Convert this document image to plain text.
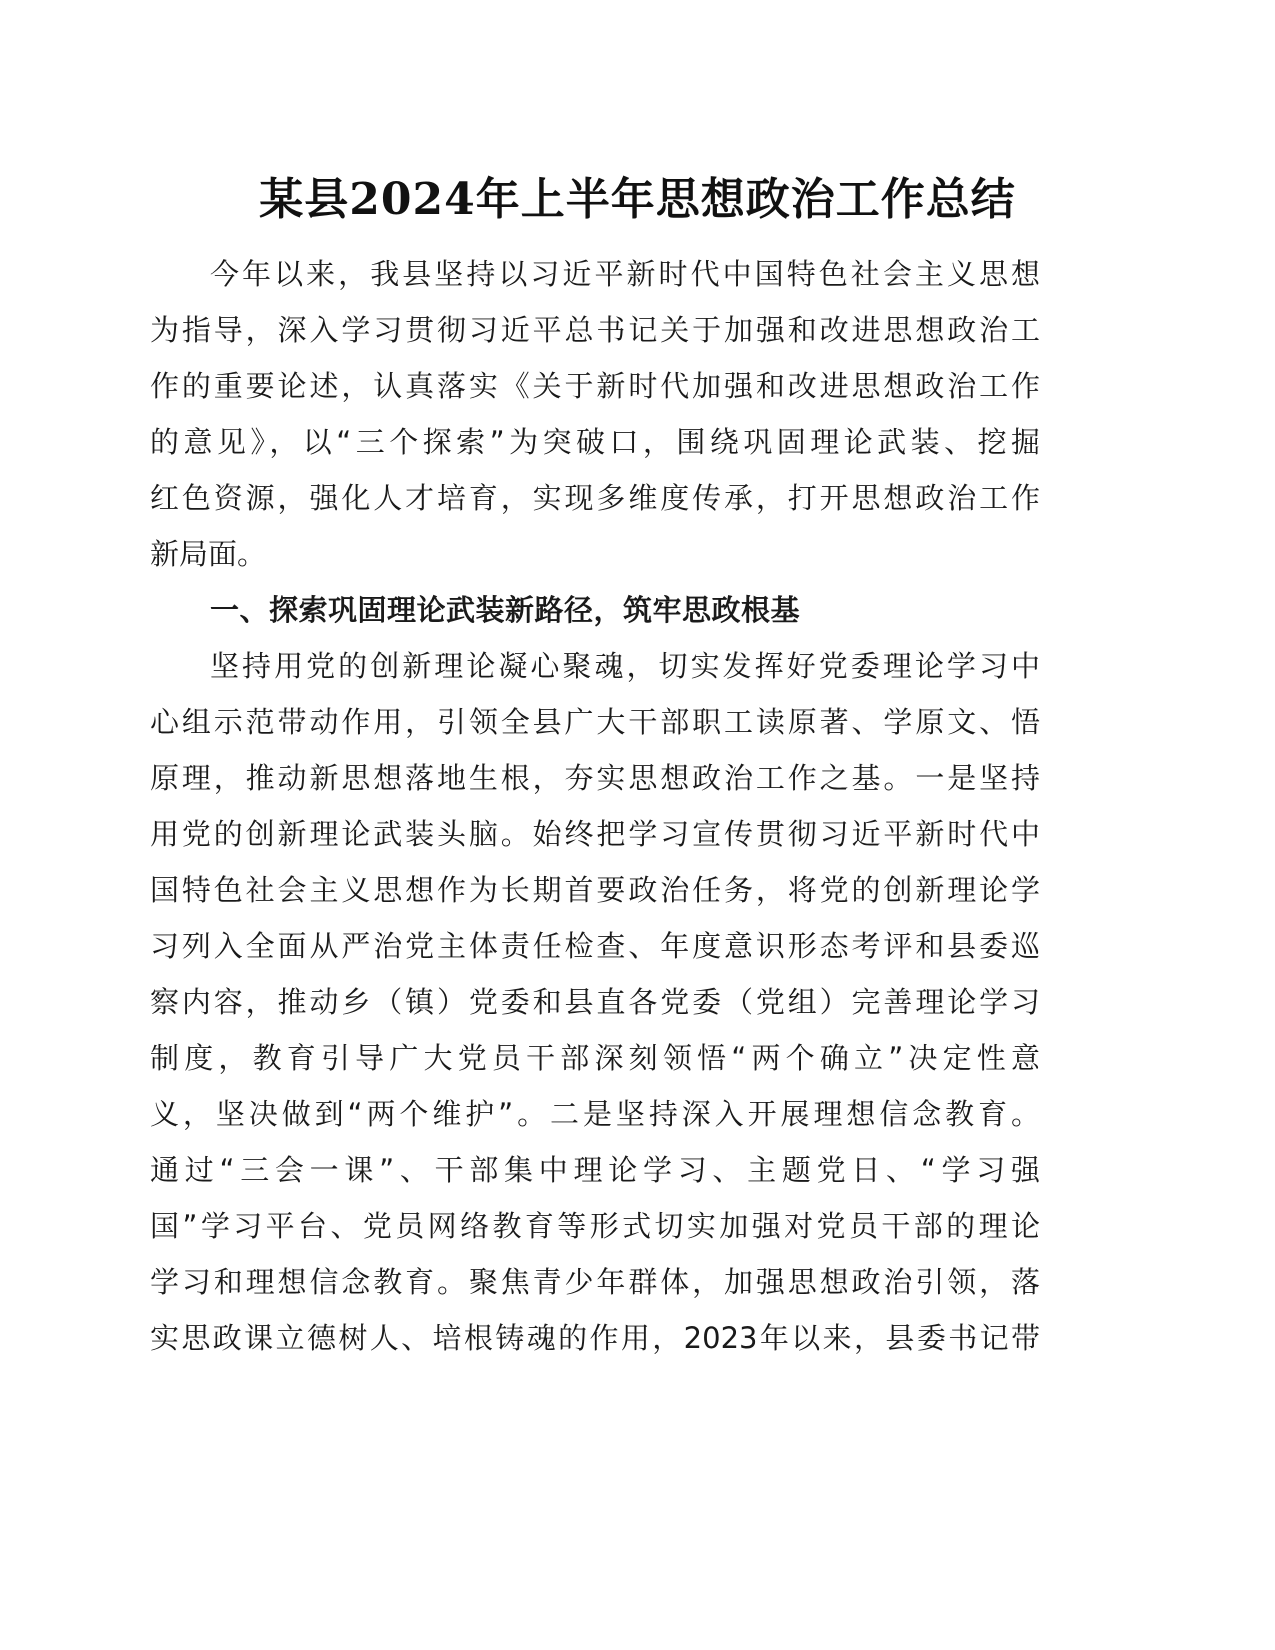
某县2024年上半年思想政治工作总结
今年以来，我县坚持以习近平新时代中国特色社会主义思想
为指导，深入学习贯彻习近平总书记关于加强和改进思想政治工
作的重要论述，认真落实《关于新时代加强和改进思想政治工作
的意见》，以“三个探索”为突破口，围绕巩固理论武装、挖掘
红色资源，强化人才培育，实现多维度传承，打开思想政治工作
新局面。
一、探索巩固理论武装新路径，筑牢思政根基
坚持用党的创新理论凝心聚魂，切实发挥好党委理论学习中
心组示范带动作用，引领全县广大干部职工读原著、学原文、悟
原理，推动新思想落地生根，夯实思想政治工作之基。一是坚持
用党的创新理论武装头脑。始终把学习宣传贯彻习近平新时代中
国特色社会主义思想作为长期首要政治任务，将党的创新理论学
习列入全面从严治党主体责任检查、年度意识形态考评和县委巡
察内容，推动乡（镇）党委和县直各党委（党组）完善理论学习
制度，教育引导广大党员干部深刻领悟“两个确立”决定性意
义，坚决做到“两个维护”。二是坚持深入开展理想信念教育。
通过“三会一课”、干部集中理论学习、主题党日、“学习强
国”学习平台、党员网络教育等形式切实加强对党员干部的理论
学习和理想信念教育。聚焦青少年群体，加强思想政治引领，落
实思政课立德树人、培根铸魂的作用，2023年以来，县委书记带
